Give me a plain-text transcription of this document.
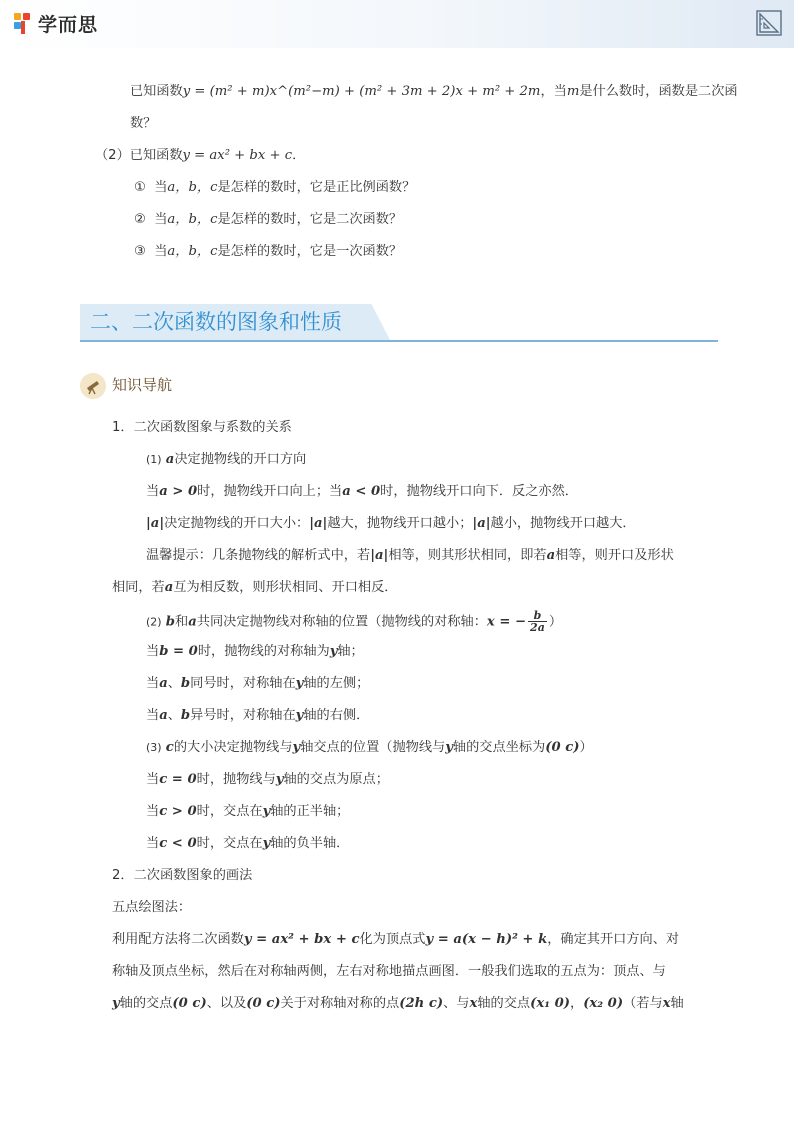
学而思
已知函数y = (m² + m)x^(m²−m) + (m² + 3m + 2)x + m² + 2m，当m是什么数时，函数是二次函
数？
（2）已知函数y = ax² + bx + c．
① 当a，b，c是怎样的数时，它是正比例函数？
② 当a，b，c是怎样的数时，它是二次函数？
③ 当a，b，c是怎样的数时，它是一次函数？
二、二次函数的图象和性质
知识导航
1．二次函数图象与系数的关系
(1) a决定抛物线的开口方向
当a > 0时，抛物线开口向上；当a < 0时，抛物线开口向下．反之亦然．
|a|决定抛物线的开口大小：|a|越大，抛物线开口越小；|a|越小，抛物线开口越大．
温馨提示：几条抛物线的解析式中，若|a|相等，则其形状相同，即若a相等，则开口及形状
相同，若a互为相反数，则形状相同、开口相反．
(2) b和a共同决定抛物线对称轴的位置（抛物线的对称轴：x = − $\frac{b}{2a}$ ）
当b = 0时，抛物线的对称轴为y轴；
当a、b同号时，对称轴在y轴的左侧；
当a、b异号时，对称轴在y轴的右侧．
(3) c的大小决定抛物线与y轴交点的位置（抛物线与y轴的交点坐标为(0 c)）
当c = 0时，抛物线与y轴的交点为原点；
当c > 0时，交点在y轴的正半轴；
当c < 0时，交点在y轴的负半轴．
2．二次函数图象的画法
五点绘图法：
利用配方法将二次函数y = ax² + bx + c化为顶点式y = a(x − h)² + k，确定其开口方向、对
称轴及顶点坐标，然后在对称轴两侧，左右对称地描点画图．一般我们选取的五点为：顶点、与
y轴的交点(0 c)、以及(0 c)关于对称轴对称的点(2h c)、与x轴的交点(x₁ 0)，(x₂ 0)（若与x轴
